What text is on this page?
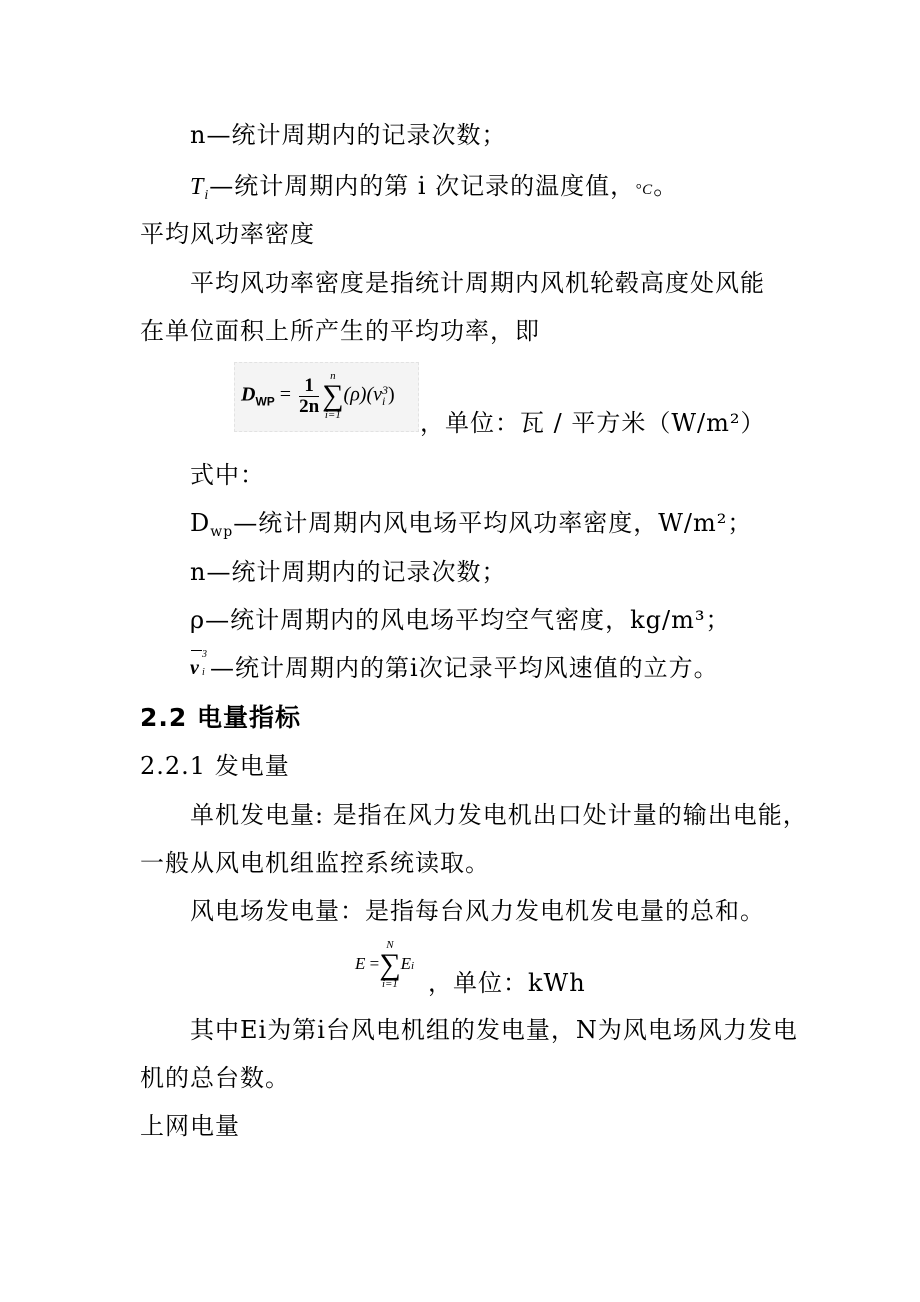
n—统计周期内的记录次数；
$T_i—$统计周期内的第 i 次记录的温度值，°C。
平均风功率密度
平均风功率密度是指统计周期内风机轮毂高度处风能
在单位面积上所产生的平均功率，即
$D_{WP} = \frac{1}{2n}$ n
∑
i=1
(ρ)(v 3
i )
，单位：瓦 / 平方米（W/m²）
式中：
$D_{wp}—$统计周期内风电场平均风功率密度，W/m²；
n—统计周期内的记录次数；
ρ—统计周期内的风电场平均空气密度，kg/m³；
v
3
i —统计周期内的第i次记录平均风速值的立方。
2.2 电量指标
2.2.1 发电量
单机发电量: 是指在风力发电机出口处计量的输出电能，
一般从风电机组监控系统读取。
风电场发电量：是指每台风力发电机发电量的总和。
E =
N
∑
i=1
Ei
，单位：kWh
其中Ei为第i台风电机组的发电量，N为风电场风力发电
机的总台数。
上网电量
